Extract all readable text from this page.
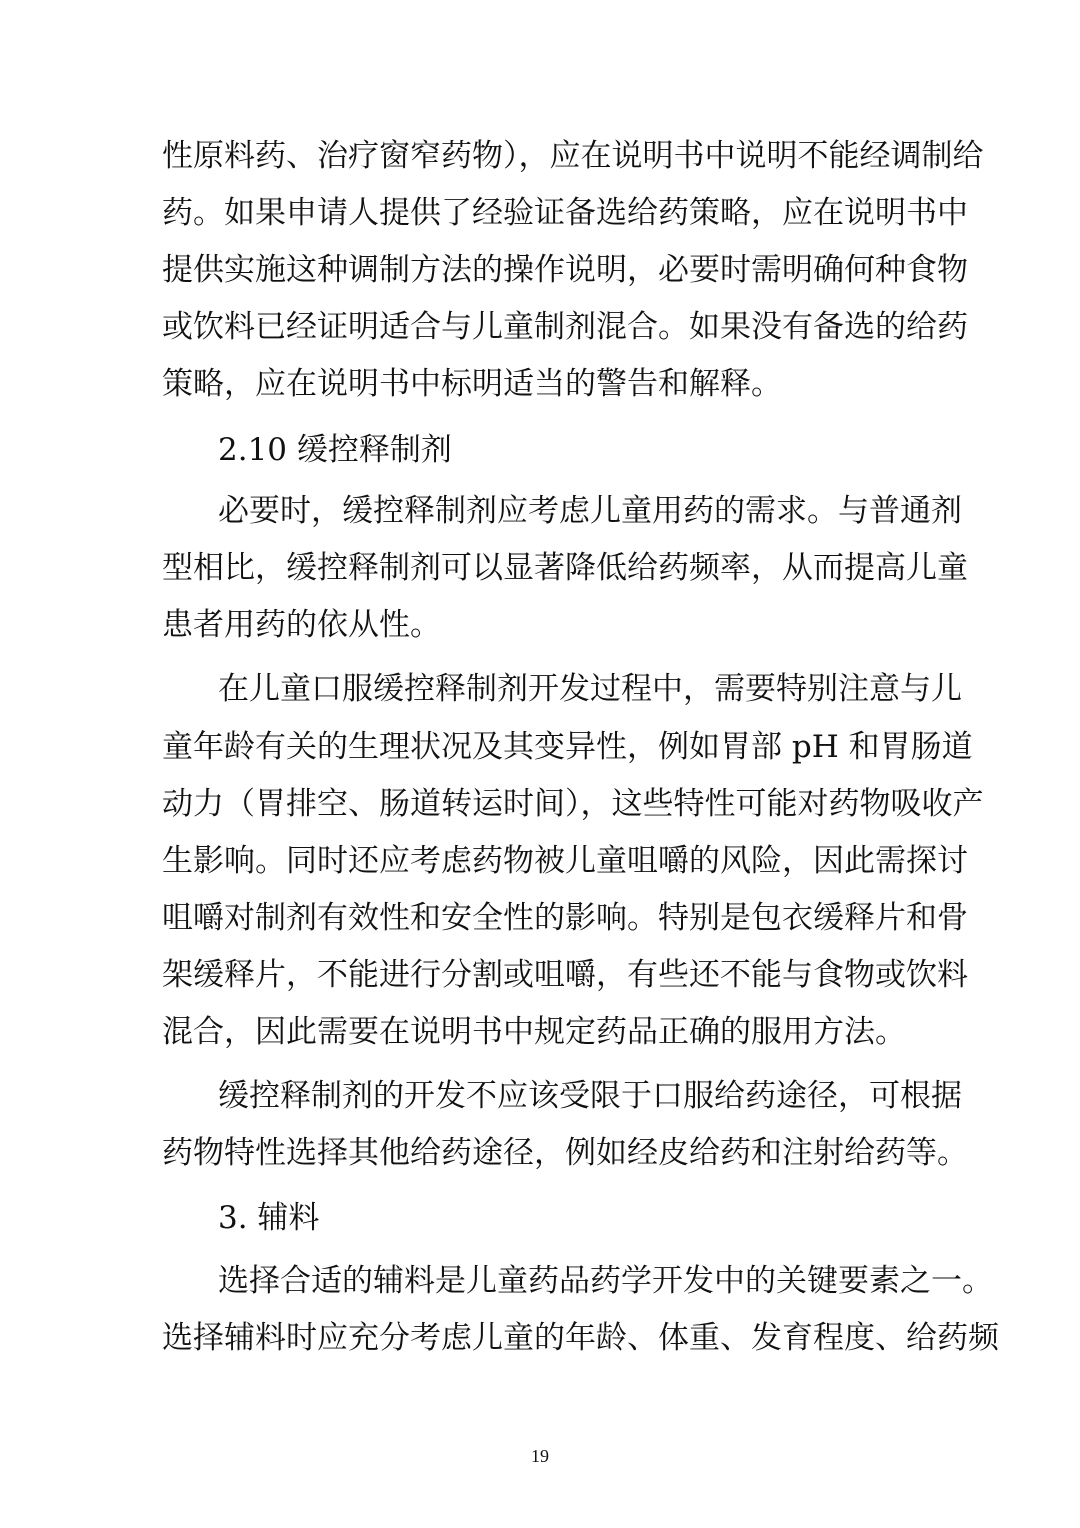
性原料药、治疗窗窄药物），应在说明书中说明不能经调制给
药。如果申请人提供了经验证备选给药策略，应在说明书中
提供实施这种调制方法的操作说明，必要时需明确何种食物
或饮料已经证明适合与儿童制剂混合。如果没有备选的给药
策略，应在说明书中标明适当的警告和解释。
2.10 缓控释制剂
必要时，缓控释制剂应考虑儿童用药的需求。与普通剂
型相比，缓控释制剂可以显著降低给药频率，从而提高儿童
患者用药的依从性。
在儿童口服缓控释制剂开发过程中，需要特别注意与儿
童年龄有关的生理状况及其变异性，例如胃部 pH 和胃肠道
动力（胃排空、肠道转运时间），这些特性可能对药物吸收产
生影响。同时还应考虑药物被儿童咀嚼的风险，因此需探讨
咀嚼对制剂有效性和安全性的影响。特别是包衣缓释片和骨
架缓释片，不能进行分割或咀嚼，有些还不能与食物或饮料
混合，因此需要在说明书中规定药品正确的服用方法。
缓控释制剂的开发不应该受限于口服给药途径，可根据
药物特性选择其他给药途径，例如经皮给药和注射给药等。
3. 辅料
选择合适的辅料是儿童药品药学开发中的关键要素之一。
选择辅料时应充分考虑儿童的年龄、体重、发育程度、给药频
19
